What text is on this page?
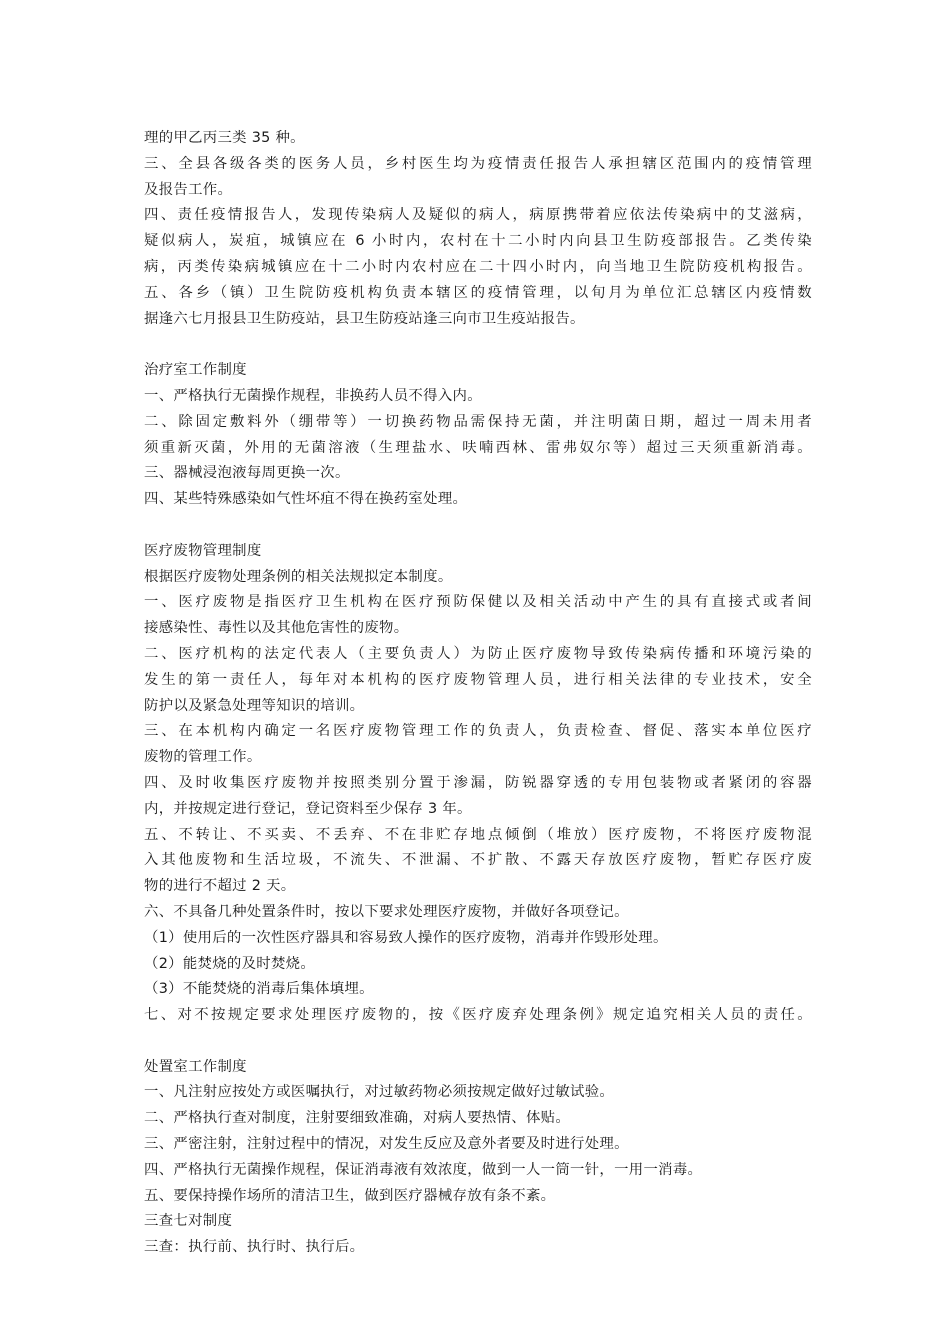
理的甲乙丙三类 35 种。
三、全县各级各类的医务人员，乡村医生均为疫情责任报告人承担辖区范围内的疫情管理
及报告工作。
四、责任疫情报告人，发现传染病人及疑似的病人，病原携带着应依法传染病中的艾滋病，
疑似病人，炭疽，城镇应在 6 小时内，农村在十二小时内向县卫生防疫部报告。乙类传染
病，丙类传染病城镇应在十二小时内农村应在二十四小时内，向当地卫生院防疫机构报告。
五、各乡（镇）卫生院防疫机构负责本辖区的疫情管理，以旬月为单位汇总辖区内疫情数
据逢六七月报县卫生防疫站，县卫生防疫站逢三向市卫生疫站报告。
治疗室工作制度
一、严格执行无菌操作规程，非换药人员不得入内。
二、除固定敷料外（绷带等）一切换药物品需保持无菌，并注明菌日期，超过一周未用者
须重新灭菌，外用的无菌溶液（生理盐水、呋喃西林、雷弗奴尔等）超过三天须重新消毒。
三、器械浸泡液每周更换一次。
四、某些特殊感染如气性坏疽不得在换药室处理。
医疗废物管理制度
根据医疗废物处理条例的相关法规拟定本制度。
一、医疗废物是指医疗卫生机构在医疗预防保健以及相关活动中产生的具有直接式或者间
接感染性、毒性以及其他危害性的废物。
二、医疗机构的法定代表人（主要负责人）为防止医疗废物导致传染病传播和环境污染的
发生的第一责任人，每年对本机构的医疗废物管理人员，进行相关法律的专业技术，安全
防护以及紧急处理等知识的培训。
三、在本机构内确定一名医疗废物管理工作的负责人，负责检查、督促、落实本单位医疗
废物的管理工作。
四、及时收集医疗废物并按照类别分置于渗漏，防锐器穿透的专用包装物或者紧闭的容器
内，并按规定进行登记，登记资料至少保存 3 年。
五、不转让、不买卖、不丢弃、不在非贮存地点倾倒（堆放）医疗废物，不将医疗废物混
入其他废物和生活垃圾，不流失、不泄漏、不扩散、不露天存放医疗废物，暂贮存医疗废
物的进行不超过 2 天。
六、不具备几种处置条件时，按以下要求处理医疗废物，并做好各项登记。
（1）使用后的一次性医疗器具和容易致人操作的医疗废物，消毒并作毁形处理。
（2）能焚烧的及时焚烧。
（3）不能焚烧的消毒后集体填埋。
七、对不按规定要求处理医疗废物的，按《医疗废弃处理条例》规定追究相关人员的责任。
处置室工作制度
一、凡注射应按处方或医嘱执行，对过敏药物必须按规定做好过敏试验。
二、严格执行查对制度，注射要细致准确，对病人要热情、体贴。
三、严密注射，注射过程中的情况，对发生反应及意外者要及时进行处理。
四、严格执行无菌操作规程，保证消毒液有效浓度，做到一人一筒一针，一用一消毒。
五、要保持操作场所的清洁卫生，做到医疗器械存放有条不紊。
三查七对制度
三查：执行前、执行时、执行后。
